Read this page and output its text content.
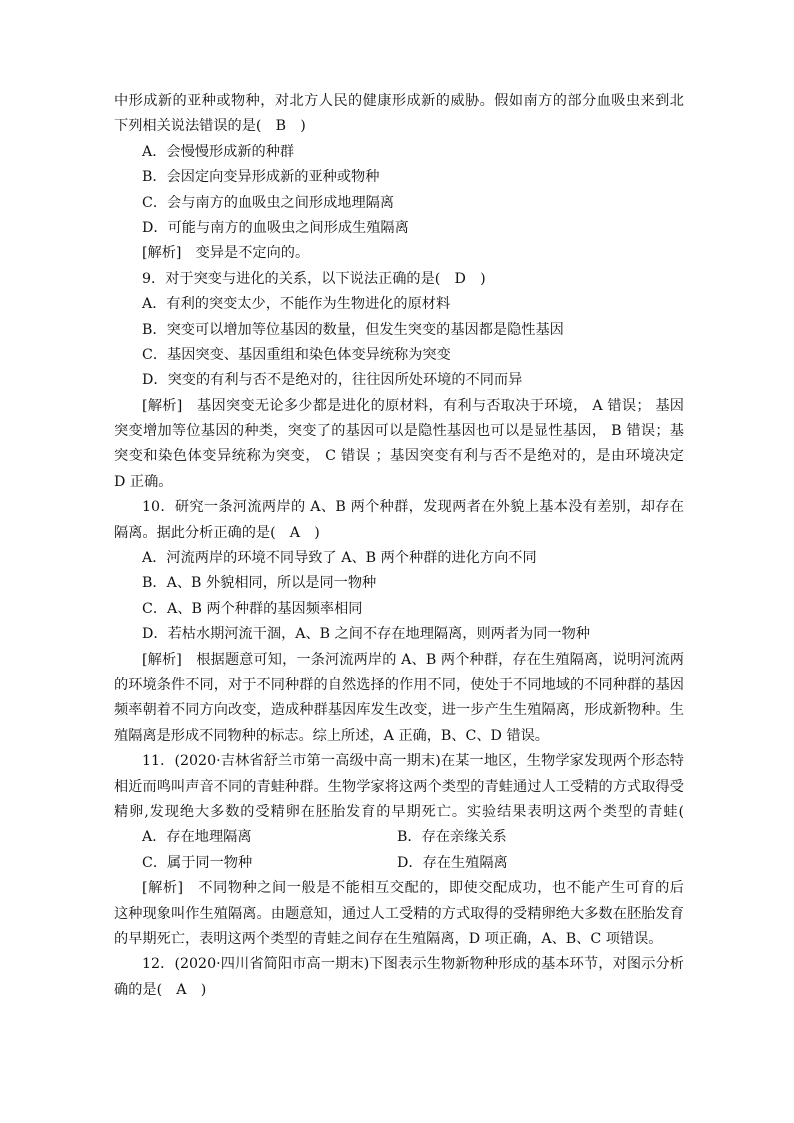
中形成新的亚种或物种，对北方人民的健康形成新的威胁。假如南方的部分血吸虫来到北
下列相关说法错误的是(　B　)
A．会慢慢形成新的种群
B．会因定向变异形成新的亚种或物种
C．会与南方的血吸虫之间形成地理隔离
D．可能与南方的血吸虫之间形成生殖隔离
[解析]　变异是不定向的。
9．对于突变与进化的关系，以下说法正确的是(　D　)
A．有利的突变太少，不能作为生物进化的原材料
B．突变可以增加等位基因的数量，但发生突变的基因都是隐性基因
C．基因突变、基因重组和染色体变异统称为突变
D．突变的有利与否不是绝对的，往往因所处环境的不同而异
[解析]　基因突变无论多少都是进化的原材料，有利与否取决于环境， A 错误； 基因
突变增加等位基因的种类，突变了的基因可以是隐性基因也可以是显性基因， B 错误；基
突变和染色体变异统称为突变， C 错误 ；基因突变有利与否不是绝对的，是由环境决定
D 正确。
10．研究一条河流两岸的 A、B 两个种群，发现两者在外貌上基本没有差别，却存在
隔离。据此分析正确的是(　A　)
A．河流两岸的环境不同导致了 A、B 两个种群的进化方向不同
B．A、B 外貌相同，所以是同一物种
C．A、B 两个种群的基因频率相同
D．若枯水期河流干涸，A、B 之间不存在地理隔离，则两者为同一物种
[解析]　根据题意可知，一条河流两岸的 A、B 两个种群，存在生殖隔离，说明河流两
的环境条件不同，对于不同种群的自然选择的作用不同，使处于不同地域的不同种群的基因
频率朝着不同方向改变，造成种群基因库发生改变，进一步产生生殖隔离，形成新物种。生
殖隔离是形成不同物种的标志。综上所述，A 正确，B、C、D 错误。
11．(2020·吉林省舒兰市第一高级中高一期末)在某一地区，生物学家发现两个形态特
相近而鸣叫声音不同的青蛙种群。生物学家将这两个类型的青蛙通过人工受精的方式取得受
精卵,发现绝大多数的受精卵在胚胎发育的早期死亡。实验结果表明这两个类型的青蛙(　　
A．存在地理隔离	B．存在亲缘关系
C．属于同一物种	D．存在生殖隔离
[解析]　不同物种之间一般是不能相互交配的，即使交配成功，也不能产生可育的后
这种现象叫作生殖隔离。由题意知，通过人工受精的方式取得的受精卵绝大多数在胚胎发育
的早期死亡，表明这两个类型的青蛙之间存在生殖隔离，D 项正确，A、B、C 项错误。
12．(2020·四川省简阳市高一期末)下图表示生物新物种形成的基本环节，对图示分析
确的是(　A　)
